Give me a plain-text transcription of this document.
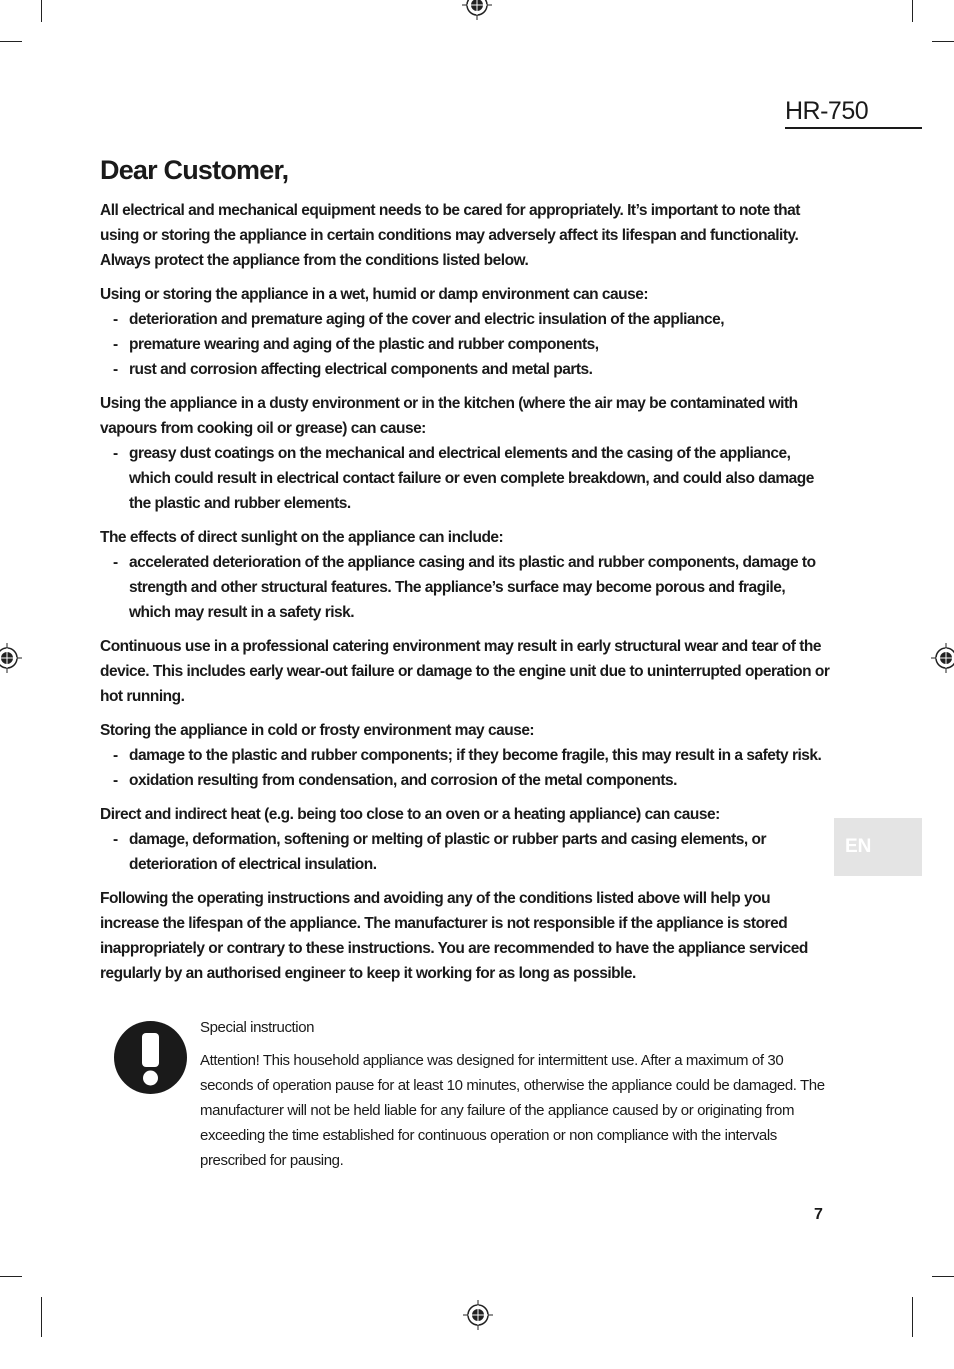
HR-750
Dear Customer,

All electrical and mechanical equipment needs to be cared for appropriately. It’s important to note that using or storing the appliance in certain conditions may adversely affect its lifespan and functionality. Always protect the appliance from the conditions listed below.

Using or storing the appliance in a wet, humid or damp environment can cause:
- deterioration and premature aging of the cover and electric insulation of the appliance,
- premature wearing and aging of the plastic and rubber components,
- rust and corrosion affecting electrical components and metal parts.
Using the appliance in a dusty environment or in the kitchen (where the air may be contaminated with vapours from cooking oil or grease) can cause:
- greasy dust coatings on the mechanical and electrical elements and the casing of the appliance, which could result in electrical contact failure or even complete breakdown, and could also damage the plastic and rubber elements.
The effects of direct sunlight on the appliance can include:
- accelerated deterioration of the appliance casing and its plastic and rubber components, damage to strength and other structural features. The appliance’s surface may become porous and fragile, which may result in a safety risk.
Continuous use in a professional catering environment may result in early structural wear and tear of the device. This includes early wear-out failure or damage to the engine unit due to uninterrupted operation or hot running.
Storing the appliance in cold or frosty environment may cause:
- damage to the plastic and rubber components; if they become fragile, this may result in a safety risk.
- oxidation resulting from condensation, and corrosion of the metal components.
Direct and indirect heat (e.g. being too close to an oven or a heating appliance) can cause:
- damage, deformation, softening or melting of plastic or rubber parts and casing elements, or deterioration of electrical insulation.

Following the operating instructions and avoiding any of the conditions listed above will help you increase the lifespan of the appliance. The manufacturer is not responsible if the appliance is stored inappropriately or contrary to these instructions. You are recommended to have the appliance serviced regularly by an authorised engineer to keep it working for as long as possible.

Special instruction
Attention! This household appliance was designed for intermittent use. After a maximum of 30 seconds of operation pause for at least 10 minutes, otherwise the appliance could be damaged. The manufacturer will not be held liable for any failure of the appliance caused by or originating from exceeding the time established for continuous operation or non compliance with the intervals prescribed for pausing.
EN
7
